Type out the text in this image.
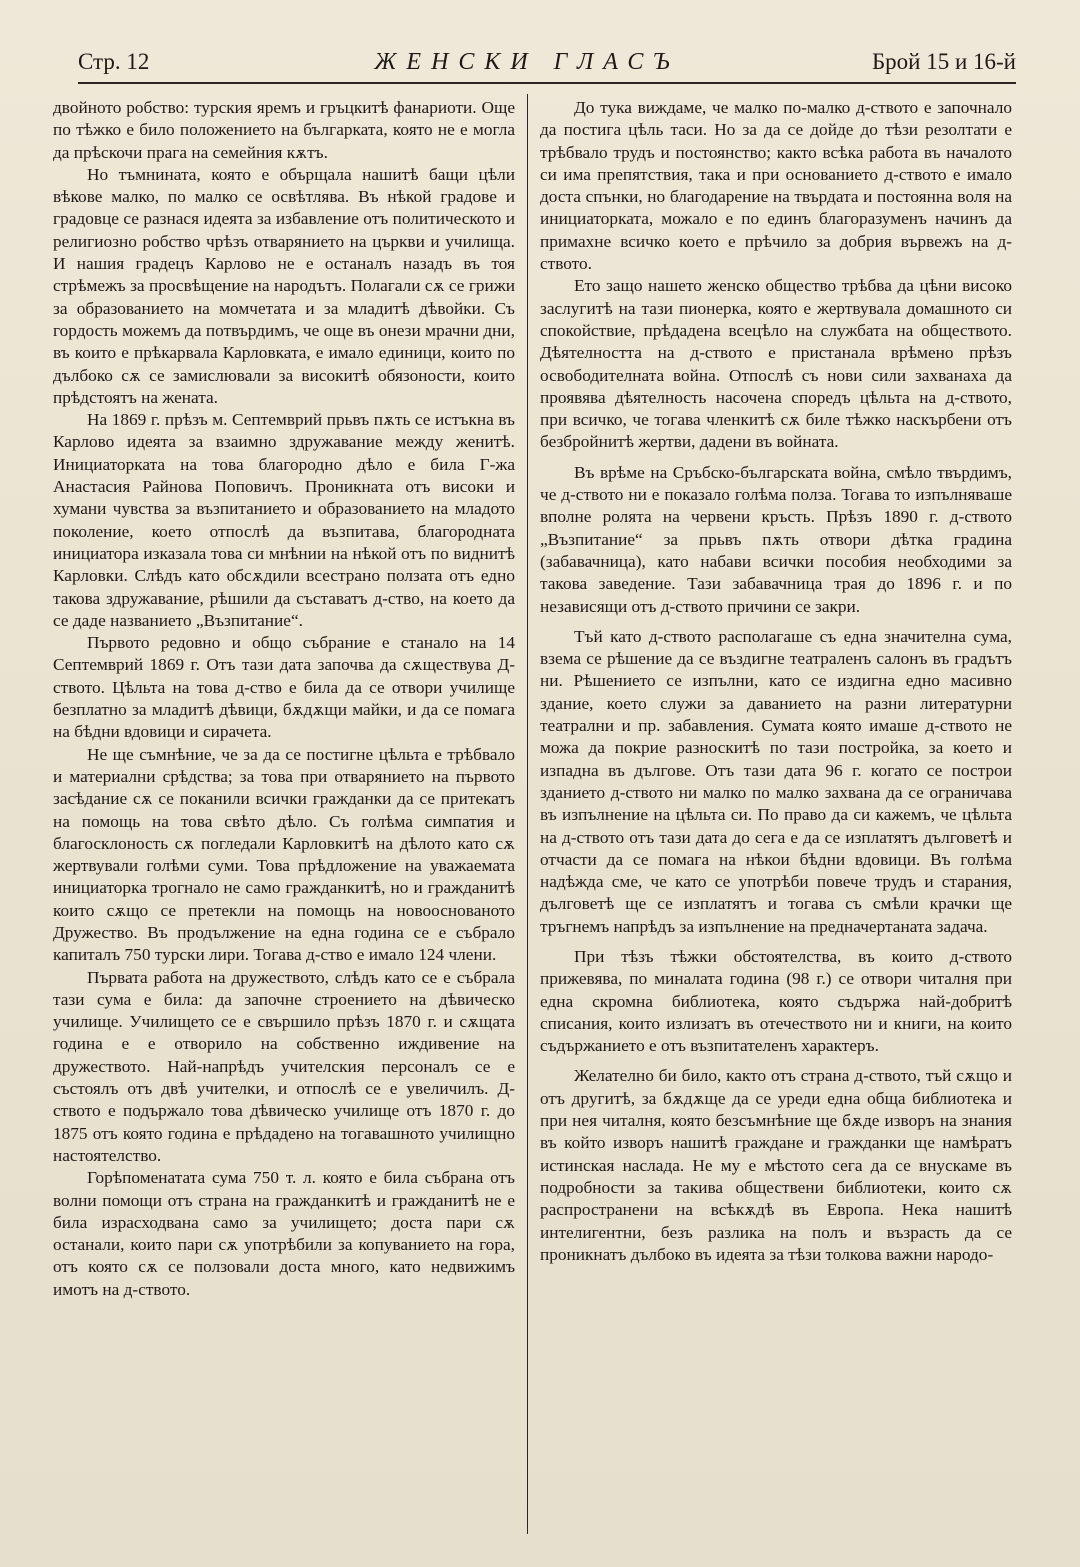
Стр. 12	ЖЕНСКИ ГЛАСЪ	Брой 15 и 16-й

двойното робство: турския яремъ и гръцкитѣ фанариоти. Още по тѣжко е било положението на българката, която не е могла да прѣскочи прага на семейния кѫтъ.

Но тъмнината, която е обърщала нашитѣ бащи цѣли вѣкове малко, по малко се освѣтлява. Въ нѣкой градове и градовце се разнася идеята за избавление отъ политическото и религиозно робство чрѣзъ отварянието на църкви и училища. И нашия градецъ Карлово не е останалъ назадъ въ тоя стрѣмежъ за просвѣщение на народътъ. Полагали сѫ се грижи за образованието на момчетата и за младитѣ дѣвойки. Съ гордость можемъ да потвърдимъ, че още въ онези мрачни дни, въ които е прѣкарвала Карловката, е имало единици, които по дълбоко сѫ се замислювали за високитѣ обязоности, които прѣдстоятъ на жената.

На 1869 г. прѣзъ м. Септемврий прьвъ пѫть се истъкна въ Карлово идеята за взаимно здружавание между женитѣ. Инициаторката на това благородно дѣло е била Г-жа Анастасия Райнова Поповичъ. Проникната отъ високи и хумани чувства за възпитанието и образованието на младото поколение, което отпослѣ да възпитава, благородната инициатора изказала това си мнѣнии на нѣкой отъ по виднитѣ Карловки. Слѣдъ като обсѫдили всестрано ползата отъ едно такова здружавание, рѣшили да съставатъ д-ство, на което да се даде названието „Възпитание“.

Първото редовно и общо събрание е станало на 14 Септемврий 1869 г. Отъ тази дата започва да сѫществува Д-ството. Цѣльта на това д-ство е била да се отвори училище безплатно за младитѣ дѣвици, бѫдѫщи майки, и да се помага на бѣдни вдовици и сирачета.

Не ще съмнѣние, че за да се постигне цѣльта е трѣбвало и материални срѣдства; за това при отварянието на първото засѣдание сѫ се поканили всички гражданки да се притекатъ на помощь на това свѣто дѣло. Съ голѣма симпатия и благосклоность сѫ погледали Карловкитѣ на дѣлото като сѫ жертвували голѣми суми. Това прѣдложение на уважаемата инициаторка трогнало не само гражданкитѣ, но и гражданитѣ които сѫщо се претекли на помощь на новооснованото Дружество. Въ продължение на една година се е събрало капиталъ 750 турски лири. Тогава д-ство е имало 124 члени.

Първата работа на дружеството, слѣдъ като се е събрала тази сума е била: да започне строението на дѣвическо училище. Училището се е свършило прѣзъ 1870 г. и сѫщата година е е отворило на собственно иждивение на дружеството. Най-напрѣдъ учителския персоналъ се е състоялъ отъ двѣ учителки, и отпослѣ се е увеличилъ. Д-ството е подържало това дѣвическо училище отъ 1870 г. до 1875 отъ която година е прѣдадено на тогавашното училищно настоятелство.

Горѣпоменатата сума 750 т. л. която е била събрана отъ волни помощи отъ страна на гражданкитѣ и гражданитѣ не е била израсходвана само за училището; доста пари сѫ останали, които пари сѫ употрѣбили за копуванието на гора, отъ която сѫ се ползовали доста много, като недвижимъ имотъ на д-ството.

До тука виждаме, че малко по-малко д-ството е започнало да постига цѣль таси. Но за да се дойде до тѣзи резолтати е трѣбвало трудъ и постоянство; както всѣка работа въ началото си има препятствия, така и при основанието д-ството е имало доста спънки, но благодарение на твърдата и постоянна воля на инициаторката, можало е по единъ благоразуменъ начинъ да примахне всичко което е прѣчило за добрия вървежъ на д-ството.

Ето защо нашето женско общество трѣбва да цѣни високо заслугитѣ на тази пионерка, която е жертвувала домашното си спокойствие, прѣдадена всецѣло на службата на обществото. Дѣятелността на д-ството е пристанала врѣмено прѣзъ освободителната война. Отпослѣ съ нови сили захванаха да проявява дѣятелность насочена споредъ цѣльта на д-ството, при всичко, че тогава членкитѣ сѫ биле тѣжко наскърбени отъ безбройнитѣ жертви, дадени въ войната.

Въ врѣме на Сръбско-българската война, смѣло твърдимъ, че д-ството ни е показало голѣма полза. Тогава то изпълняваше вполне ролята на червени кръсть. Прѣзъ 1890 г. д-ството „Възпитание“ за прьвъ пѫть отвори дѣтка градина (забавачница), като набави всички пособия необходими за такова заведение. Тази забавачница трая до 1896 г. и по независящи отъ д-ството причини се закри.

Тъй като д-ството располагаше съ една значителна сума, взема се рѣшение да се въздигне театраленъ салонъ въ градътъ ни. Рѣшението се изпълни, като се издигна едно масивно здание, което служи за даванието на разни литературни театрални и пр. забавления. Сумата която имаше д-ството не можа да покрие разноскитѣ по тази постройка, за което и изпадна въ дългове. Отъ тази дата 96 г. когато се построи зданието д-ството ни малко по малко захвана да се ограничава въ изпълнение на цѣльта си. По право да си кажемъ, че цѣльта на д-ството отъ тази дата до сега е да се изплатятъ дълговетѣ и отчасти да се помага на нѣкои бѣдни вдовици. Въ голѣма надѣжда сме, че като се употрѣби повече трудъ и старания, дълговетѣ ще се изплатятъ и тогава съ смѣли крачки ще тръгнемъ напрѣдъ за изпълнение на предначертаната задача.

При тѣзъ тѣжки обстоятелства, въ които д-ството прижевява, по миналата година (98 г.) се отвори читалня при една скромна библиотека, която съдържа най-добритѣ списания, които излизатъ въ отечеството ни и книги, на които съдържанието е отъ възпитателенъ характеръ.

Желателно би било, както отъ страна д-ството, тъй сѫщо и отъ другитѣ, за бѫдѫще да се уреди една обща библиотека и при нея читалня, която безсъмнѣние ще бѫде изворъ на знания въ който изворъ нашитѣ граждане и гражданки ще намѣратъ истинская наслада. Не му е мѣстото сега да се внускаме въ подробности за такива обществени библиотеки, които сѫ распространени на всѣкѫдѣ въ Европа. Нека нашитѣ интелигентни, безъ разлика на полъ и възрасть да се проникнатъ дълбоко въ идеята за тѣзи толкова важни народо-
